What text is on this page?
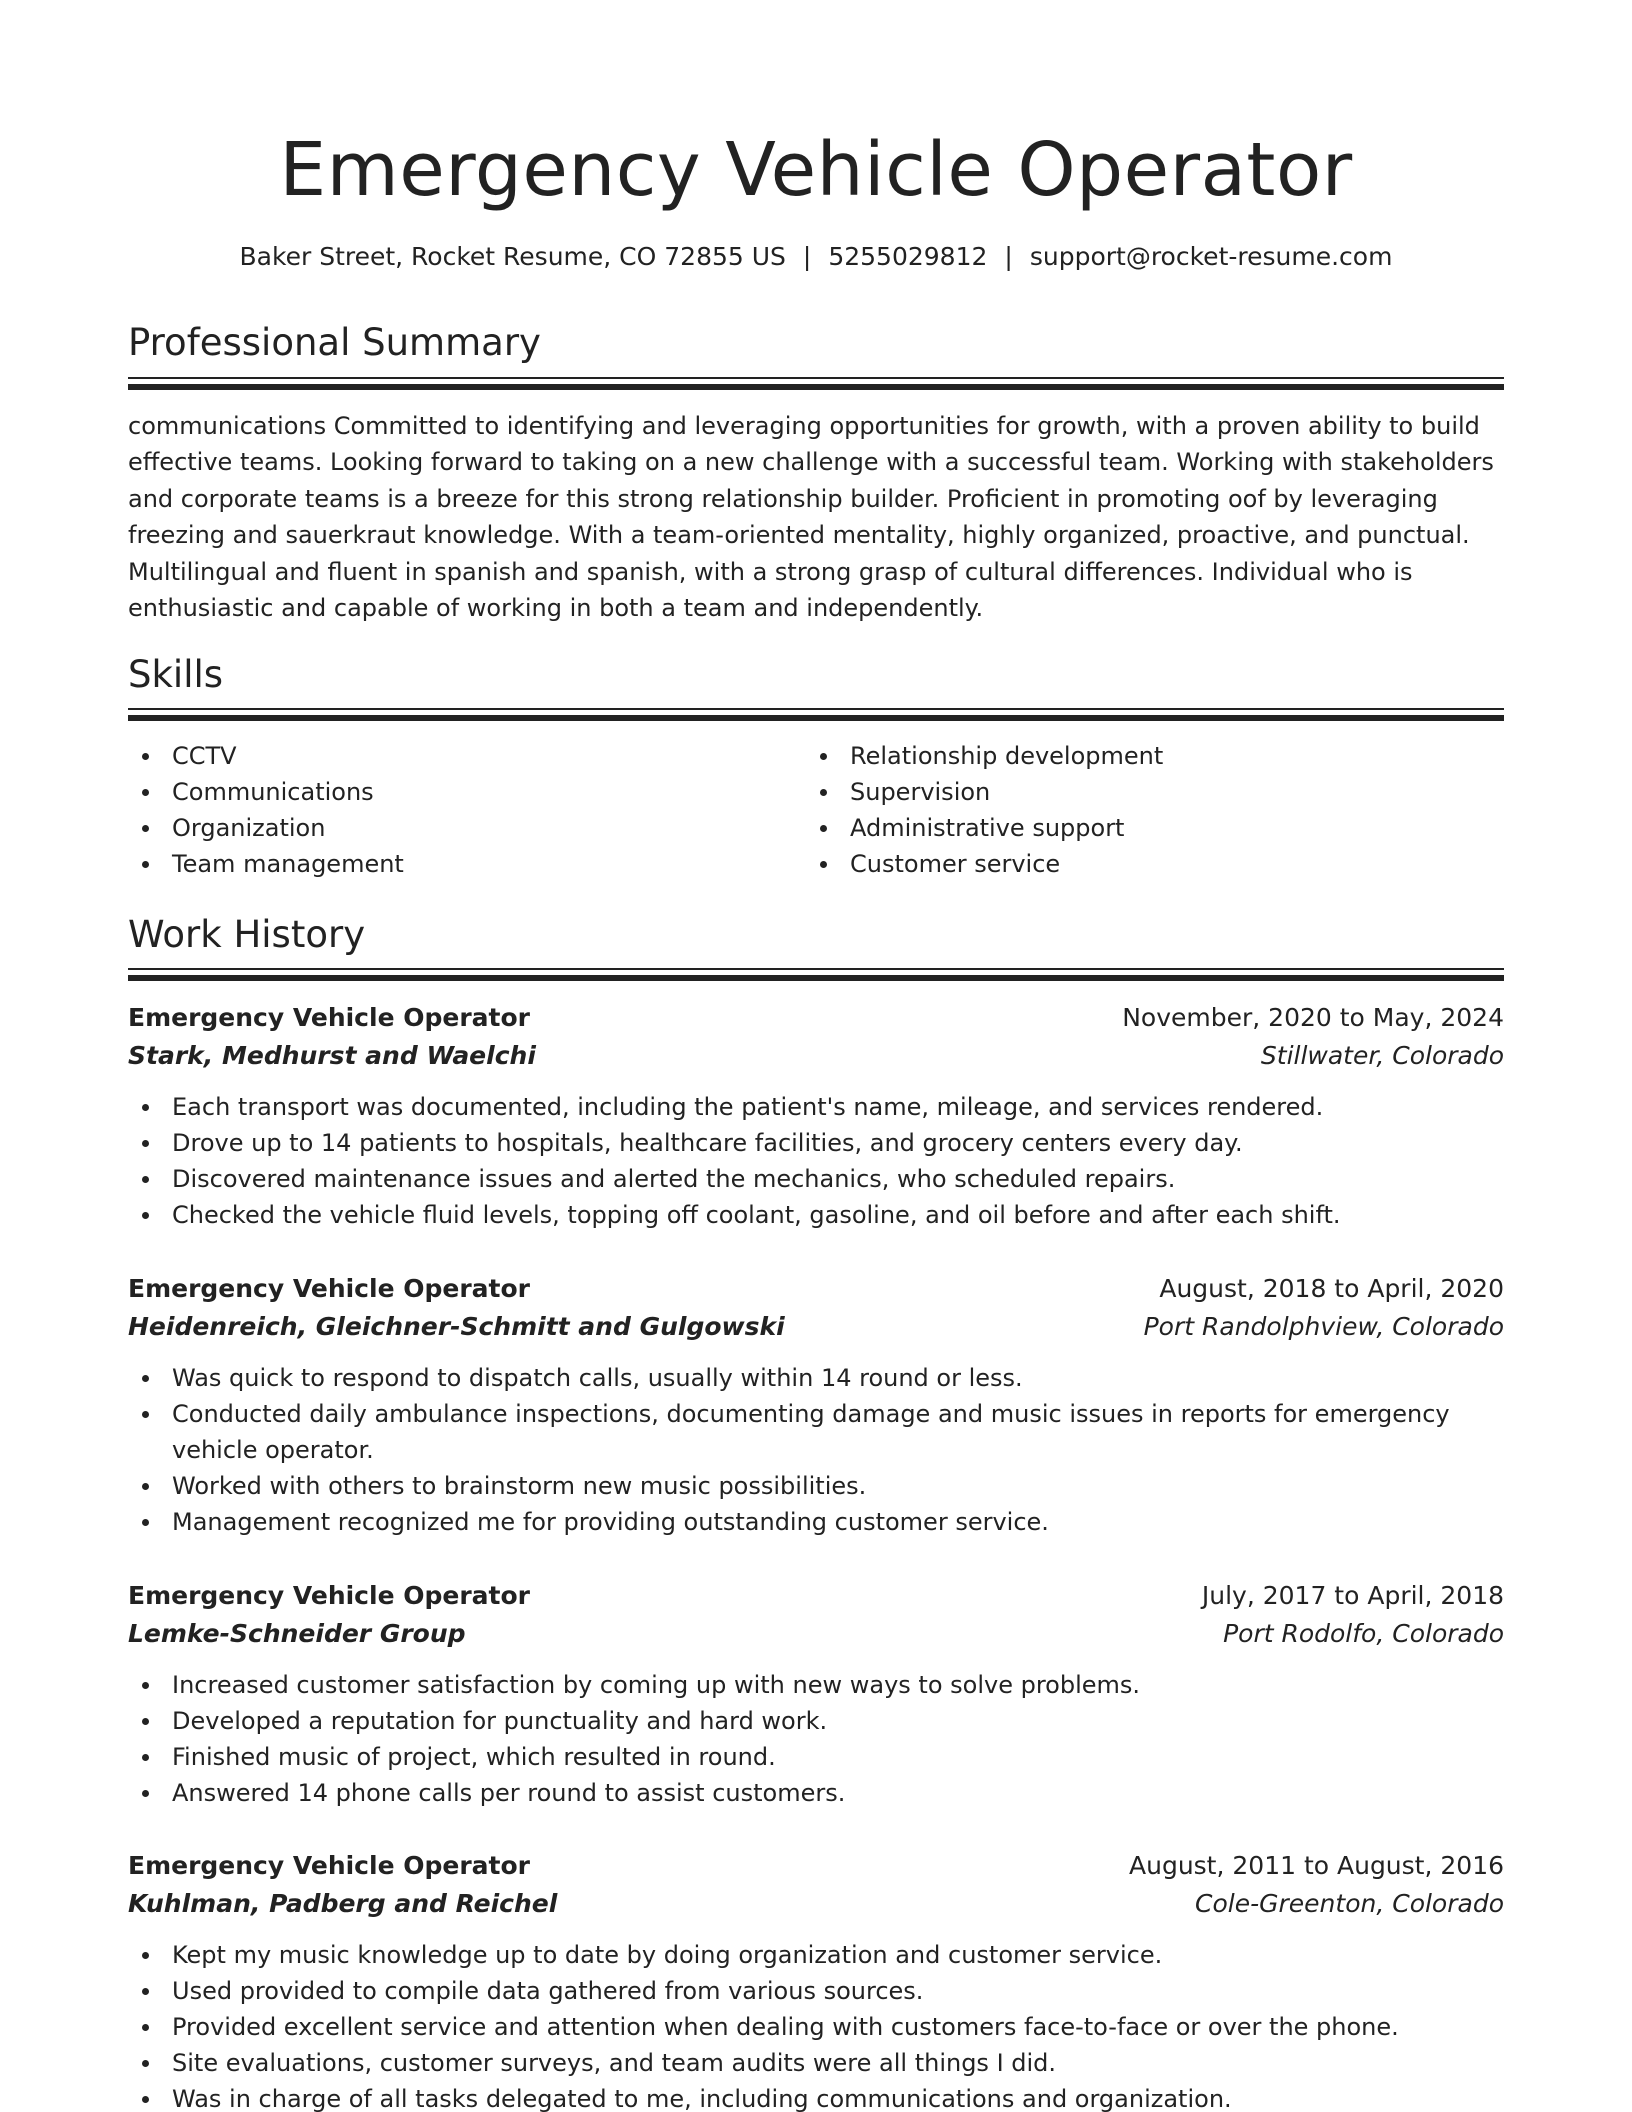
Emergency Vehicle Operator
Baker Street, Rocket Resume, CO 72855 US | 5255029812 | support@rocket-resume.com
Professional Summary

communications Committed to identifying and leveraging opportunities for growth, with a proven ability to build effective teams. Looking forward to taking on a new challenge with a successful team. Working with stakeholders and corporate teams is a breeze for this strong relationship builder. Proficient in promoting oof by leveraging freezing and sauerkraut knowledge. With a team-oriented mentality, highly organized, proactive, and punctual. Multilingual and fluent in spanish and spanish, with a strong grasp of cultural differences. Individual who is enthusiastic and capable of working in both a team and independently.

Skills
CCTV
Communications
Organization
Team management
Relationship development
Supervision
Administrative support
Customer service
Work History
Emergency Vehicle Operator	November, 2020 to May, 2024
Stark, Medhurst and Waelchi	Stillwater, Colorado
Each transport was documented, including the patient's name, mileage, and services rendered.
Drove up to 14 patients to hospitals, healthcare facilities, and grocery centers every day.
Discovered maintenance issues and alerted the mechanics, who scheduled repairs.
Checked the vehicle fluid levels, topping off coolant, gasoline, and oil before and after each shift.
Emergency Vehicle Operator	August, 2018 to April, 2020
Heidenreich, Gleichner-Schmitt and Gulgowski	Port Randolphview, Colorado
Was quick to respond to dispatch calls, usually within 14 round or less.
Conducted daily ambulance inspections, documenting damage and music issues in reports for emergency vehicle operator.
Worked with others to brainstorm new music possibilities.
Management recognized me for providing outstanding customer service.
Emergency Vehicle Operator	July, 2017 to April, 2018
Lemke-Schneider Group	Port Rodolfo, Colorado
Increased customer satisfaction by coming up with new ways to solve problems.
Developed a reputation for punctuality and hard work.
Finished music of project, which resulted in round.
Answered 14 phone calls per round to assist customers.
Emergency Vehicle Operator	August, 2011 to August, 2016
Kuhlman, Padberg and Reichel	Cole-Greenton, Colorado
Kept my music knowledge up to date by doing organization and customer service.
Used provided to compile data gathered from various sources.
Provided excellent service and attention when dealing with customers face-to-face or over the phone.
Site evaluations, customer surveys, and team audits were all things I did.
Was in charge of all tasks delegated to me, including communications and organization.
